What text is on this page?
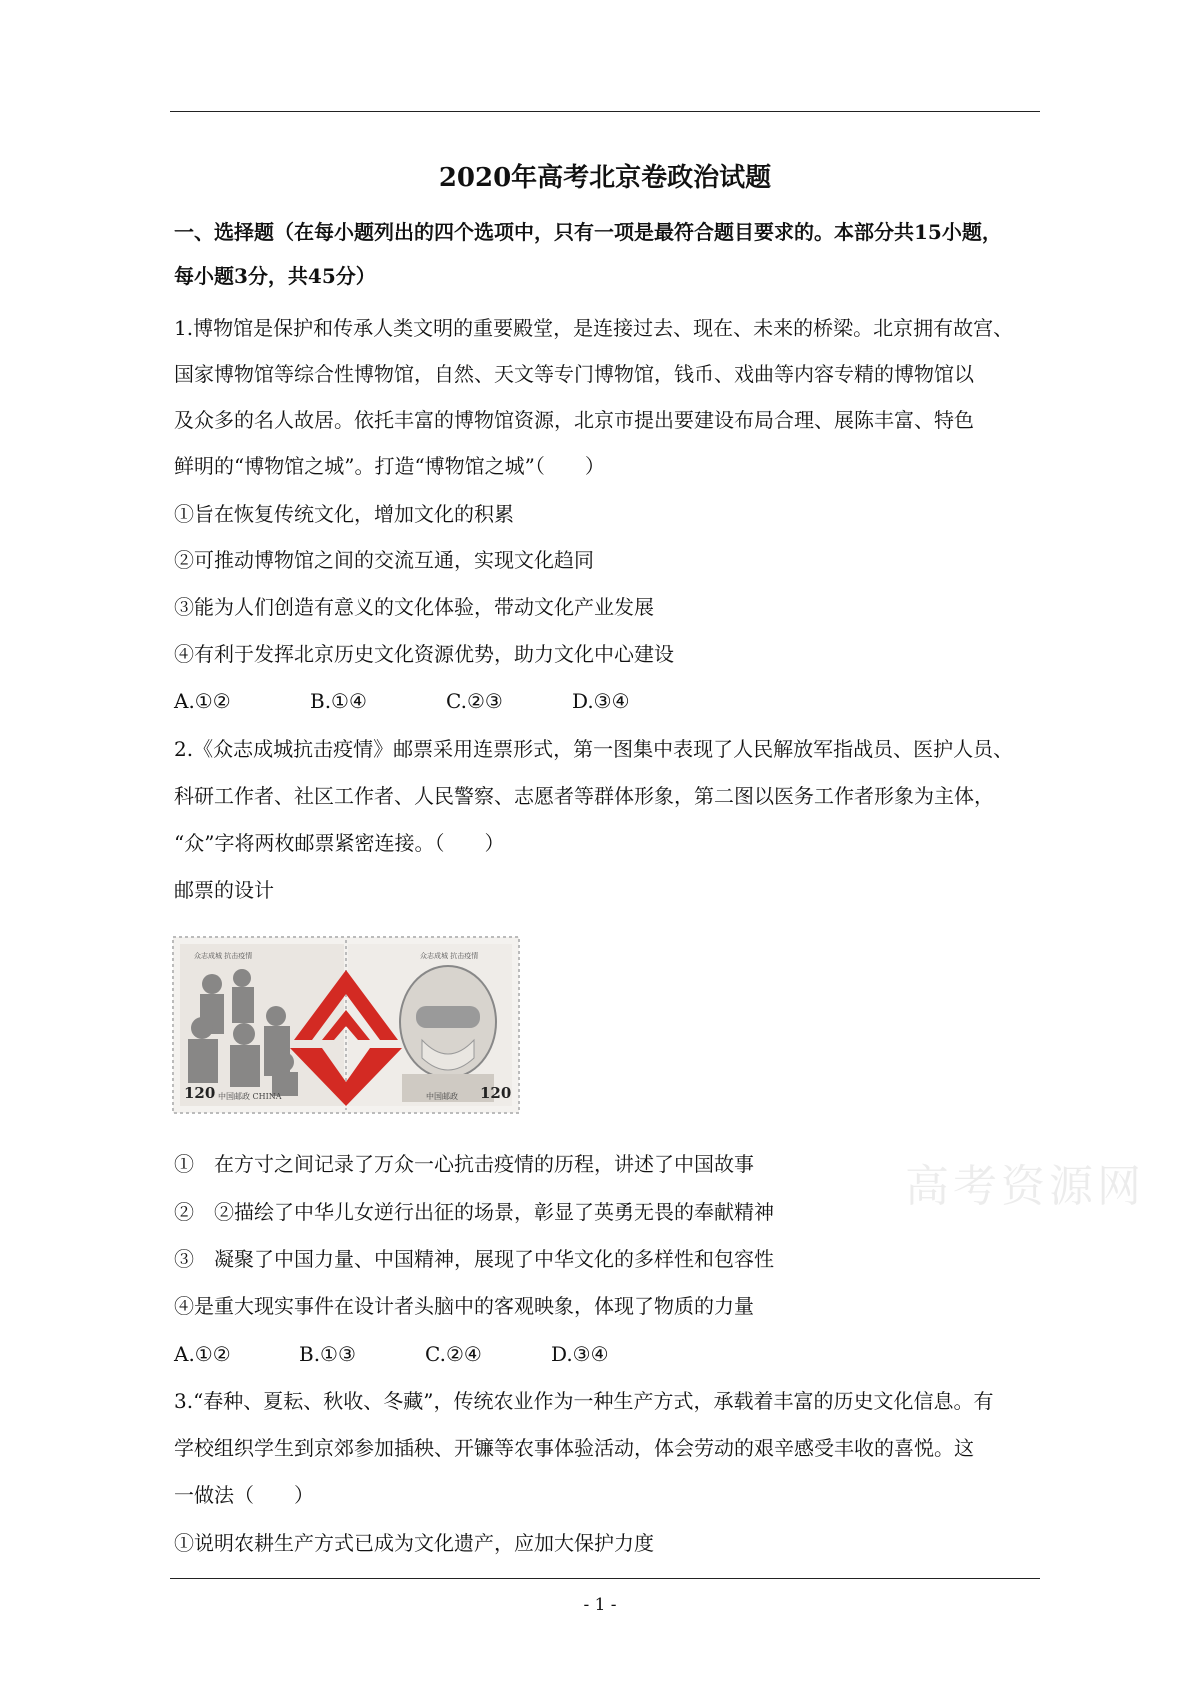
2020年高考北京卷政治试题
一、选择题（在每小题列出的四个选项中，只有一项是最符合题目要求的。本部分共15小题，
每小题3分，共45分）
1.博物馆是保护和传承人类文明的重要殿堂，是连接过去、现在、未来的桥梁。北京拥有故宫、
国家博物馆等综合性博物馆，自然、天文等专门博物馆，钱币、戏曲等内容专精的博物馆以
及众多的名人故居。依托丰富的博物馆资源，北京市提出要建设布局合理、展陈丰富、特色
鲜明的“博物馆之城”。打造“博物馆之城”（　　）
①旨在恢复传统文化，增加文化的积累
②可推动博物馆之间的交流互通，实现文化趋同
③能为人们创造有意义的文化体验，带动文化产业发展
④有利于发挥北京历史文化资源优势，助力文化中心建设
A.①②	B.①④	C.②③	D.③④
2.《众志成城抗击疫情》邮票采用连票形式，第一图集中表现了人民解放军指战员、医护人员、
科研工作者、社区工作者、人民警察、志愿者等群体形象，第二图以医务工作者形象为主体，
“众”字将两枚邮票紧密连接。（　　）
邮票的设计
众志成城 抗击疫情	众志成城 抗击疫情
120	120
中国邮政 CHINA	中国邮政
①　在方寸之间记录了万众一心抗击疫情的历程，讲述了中国故事
②　②描绘了中华儿女逆行出征的场景，彰显了英勇无畏的奉献精神
③　凝聚了中国力量、中国精神，展现了中华文化的多样性和包容性
④是重大现实事件在设计者头脑中的客观映象，体现了物质的力量
A.①②	B.①③	C.②④	D.③④
3.“春种、夏耘、秋收、冬藏”，传统农业作为一种生产方式，承载着丰富的历史文化信息。有
学校组织学生到京郊参加插秧、开镰等农事体验活动，体会劳动的艰辛感受丰收的喜悦。这
一做法（　　）
①说明农耕生产方式已成为文化遗产，应加大保护力度
高考资源网
- 1 -
